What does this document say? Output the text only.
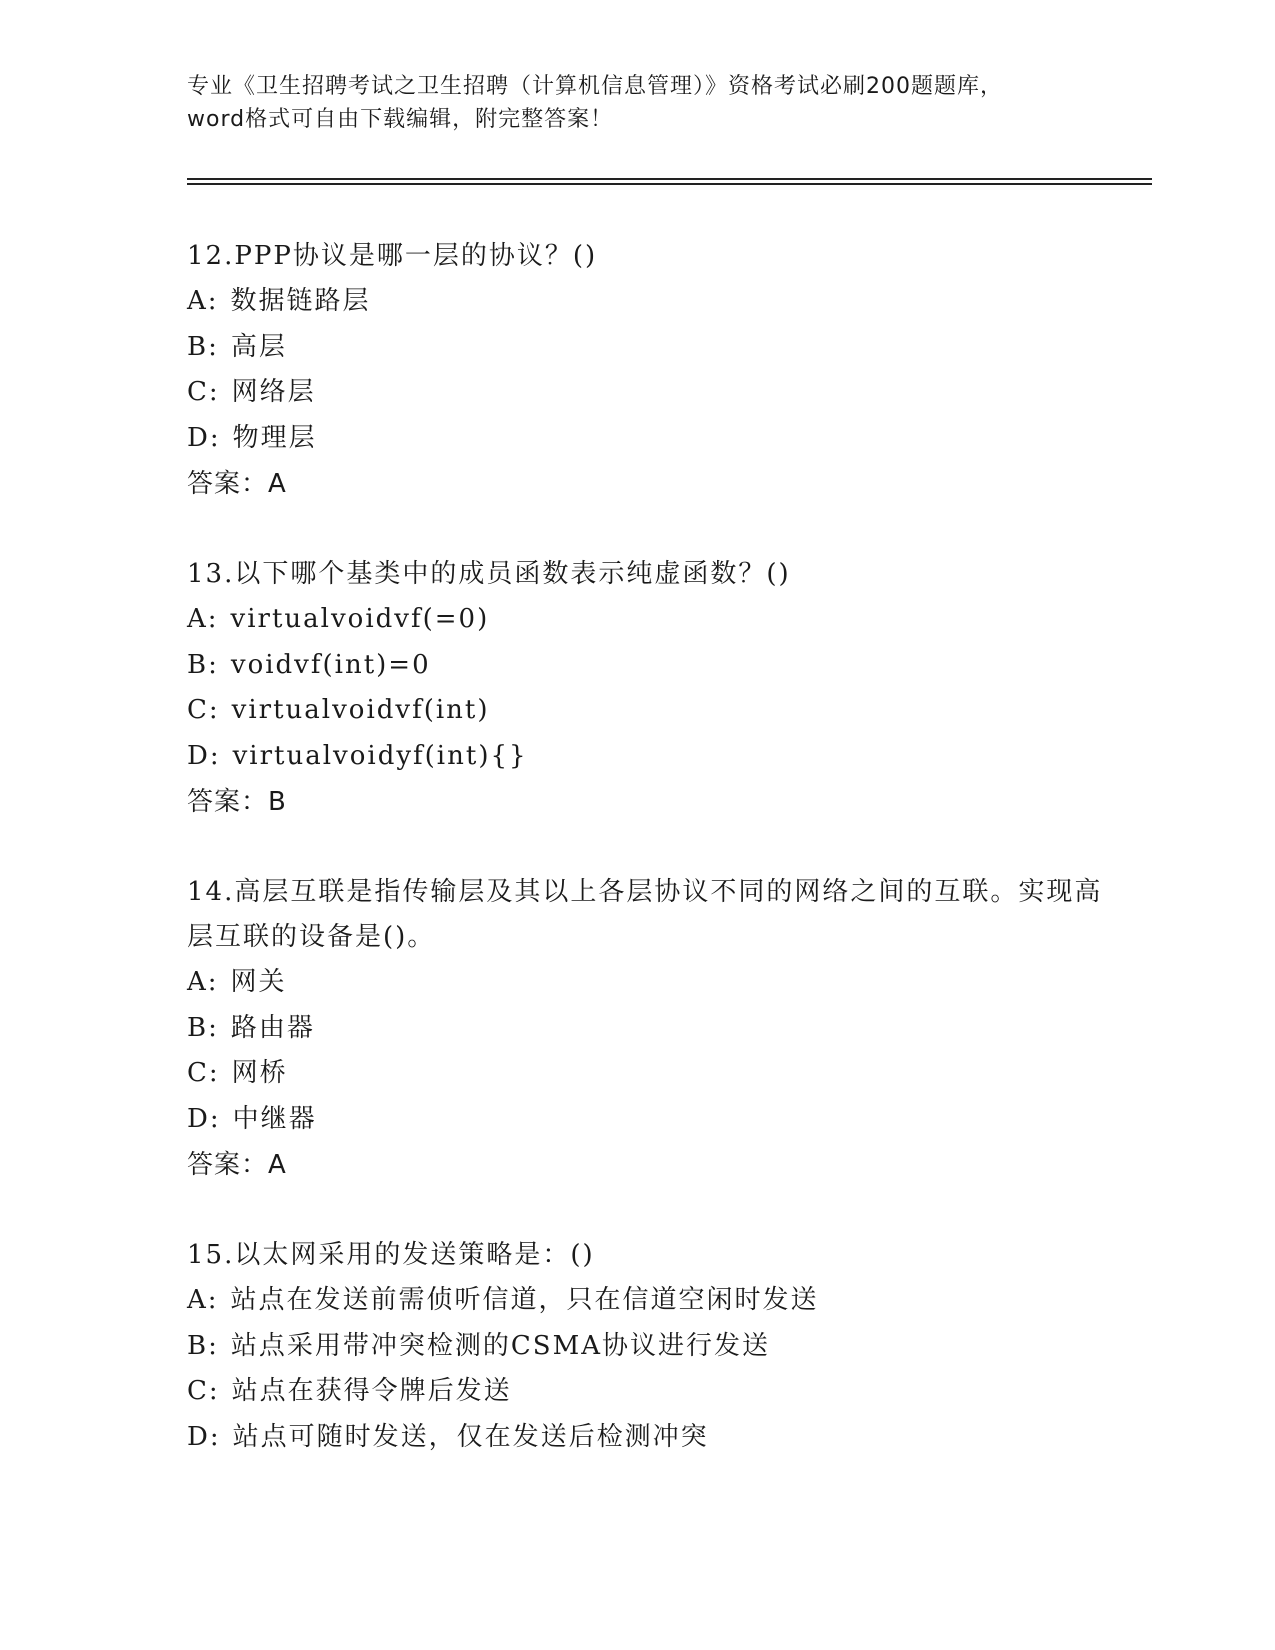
专业《卫生招聘考试之卫生招聘（计算机信息管理）》资格考试必刷200题题库，
word格式可自由下载编辑，附完整答案！

12.PPP协议是哪一层的协议？()

A: 数据链路层

B: 高层

C: 网络层

D: 物理层

答案：A

13.以下哪个基类中的成员函数表示纯虚函数？()

A: virtualvoidvf(=0)

B: voidvf(int)=0

C: virtualvoidvf(int)

D: virtualvoidyf(int){}

答案：B

14.高层互联是指传输层及其以上各层协议不同的网络之间的互联。实现高层互联的设备是()。

A: 网关

B: 路由器

C: 网桥

D: 中继器

答案：A

15.以太网采用的发送策略是：()

A: 站点在发送前需侦听信道，只在信道空闲时发送

B: 站点采用带冲突检测的CSMA协议进行发送

C: 站点在获得令牌后发送

D: 站点可随时发送，仅在发送后检测冲突
